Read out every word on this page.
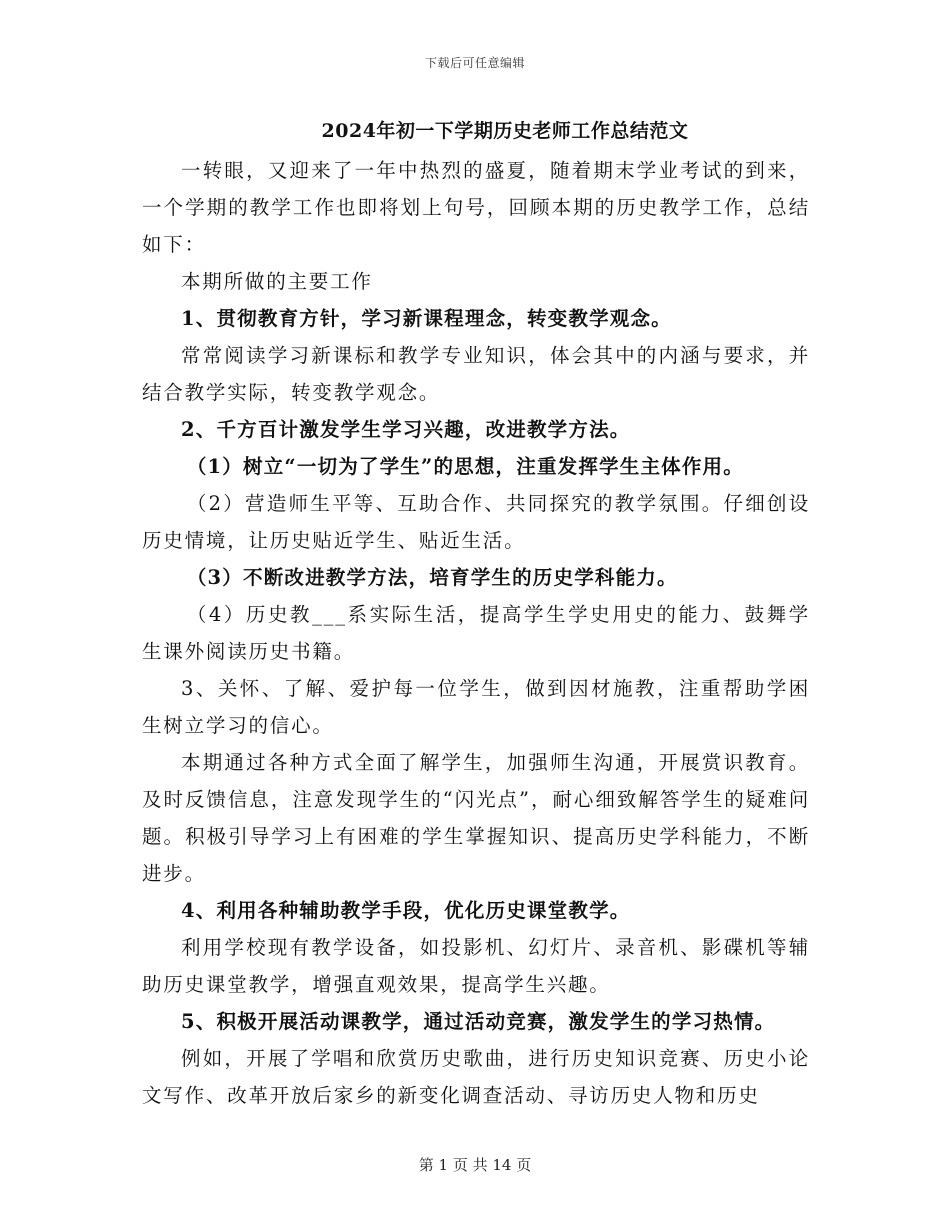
下载后可任意编辑
2024年初一下学期历史老师工作总结范文

一转眼，又迎来了一年中热烈的盛夏，随着期末学业考试的到来，一个学期的教学工作也即将划上句号，回顾本期的历史教学工作，总结如下：

本期所做的主要工作

1、贯彻教育方针，学习新课程理念，转变教学观念。

常常阅读学习新课标和教学专业知识，体会其中的内涵与要求，并结合教学实际，转变教学观念。

2、千方百计激发学生学习兴趣，改进教学方法。

（1）树立“一切为了学生”的思想，注重发挥学生主体作用。

（2）营造师生平等、互助合作、共同探究的教学氛围。仔细创设历史情境，让历史贴近学生、贴近生活。

（3）不断改进教学方法，培育学生的历史学科能力。

（4）历史教___系实际生活，提高学生学史用史的能力、鼓舞学生课外阅读历史书籍。

3、关怀、了解、爱护每一位学生，做到因材施教，注重帮助学困生树立学习的信心。

本期通过各种方式全面了解学生，加强师生沟通，开展赏识教育。及时反馈信息，注意发现学生的“闪光点”，耐心细致解答学生的疑难问题。积极引导学习上有困难的学生掌握知识、提高历史学科能力，不断进步。

4、利用各种辅助教学手段，优化历史课堂教学。

利用学校现有教学设备，如投影机、幻灯片、录音机、影碟机等辅助历史课堂教学，增强直观效果，提高学生兴趣。

5、积极开展活动课教学，通过活动竞赛，激发学生的学习热情。

例如，开展了学唱和欣赏历史歌曲，进行历史知识竞赛、历史小论文写作、改革开放后家乡的新变化调查活动、寻访历史人物和历史

第 1 页 共 14 页
